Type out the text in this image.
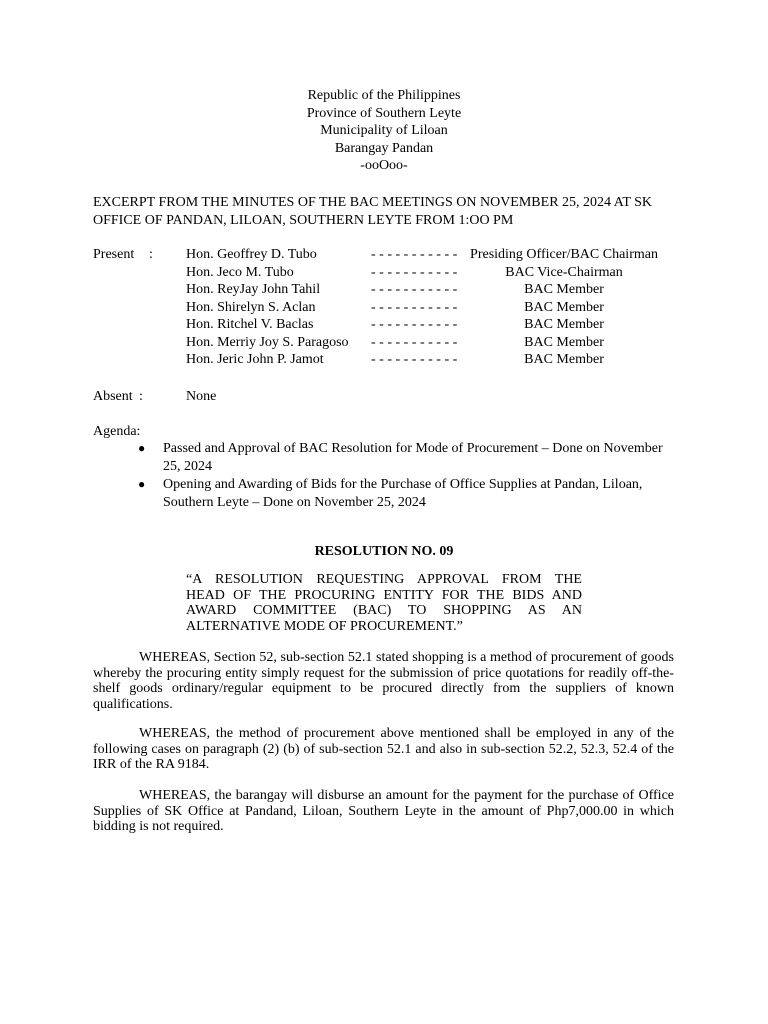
Republic of the Philippines
Province of Southern Leyte
Municipality of Liloan
Barangay Pandan
-ooOoo-
EXCERPT FROM THE MINUTES OF THE BAC MEETINGS ON NOVEMBER 25, 2024 AT SK
OFFICE OF PANDAN, LILOAN, SOUTHERN LEYTE FROM 1:OO PM
Present : Hon. Geoffrey D. Tubo
Hon. Jeco M. Tubo
Hon. ReyJay John Tahil
Hon. Shirelyn S. Aclan
Hon. Ritchel V. Baclas
Hon. Merriy Joy S. Paragoso
Hon. Jeric John P. Jamot
- - - - - - - - - - -
- - - - - - - - - - -
- - - - - - - - - - -
- - - - - - - - - - -
- - - - - - - - - - -
- - - - - - - - - - -
- - - - - - - - - - -
Presiding Officer/BAC Chairman
BAC Vice-Chairman
BAC Member
BAC Member
BAC Member
BAC Member
BAC Member
Absent :	None
Agenda:
● Passed and Approval of BAC Resolution for Mode of Procurement – Done on November
25, 2024
● Opening and Awarding of Bids for the Purchase of Office Supplies at Pandan, Liloan,
Southern Leyte – Done on November 25, 2024
RESOLUTION NO. 09
“A RESOLUTION REQUESTING APPROVAL FROM THE
HEAD OF THE PROCURING ENTITY FOR THE BIDS AND
AWARD COMMITTEE (BAC) TO SHOPPING AS AN
ALTERNATIVE MODE OF PROCUREMENT.”
WHEREAS, Section 52, sub-section 52.1 stated shopping is a method of procurement of goods whereby the procuring entity simply request for the submission of price quotations for readily off-the-shelf goods ordinary/regular equipment to be procured directly from the suppliers of known qualifications.
WHEREAS, the method of procurement above mentioned shall be employed in any of the following cases on paragraph (2) (b) of sub-section 52.1 and also in sub-section 52.2, 52.3, 52.4 of the IRR of the RA 9184.
WHEREAS, the barangay will disburse an amount for the payment for the purchase of Office Supplies of SK Office at Pandand, Liloan, Southern Leyte in the amount of Php7,000.00 in which bidding is not required.
